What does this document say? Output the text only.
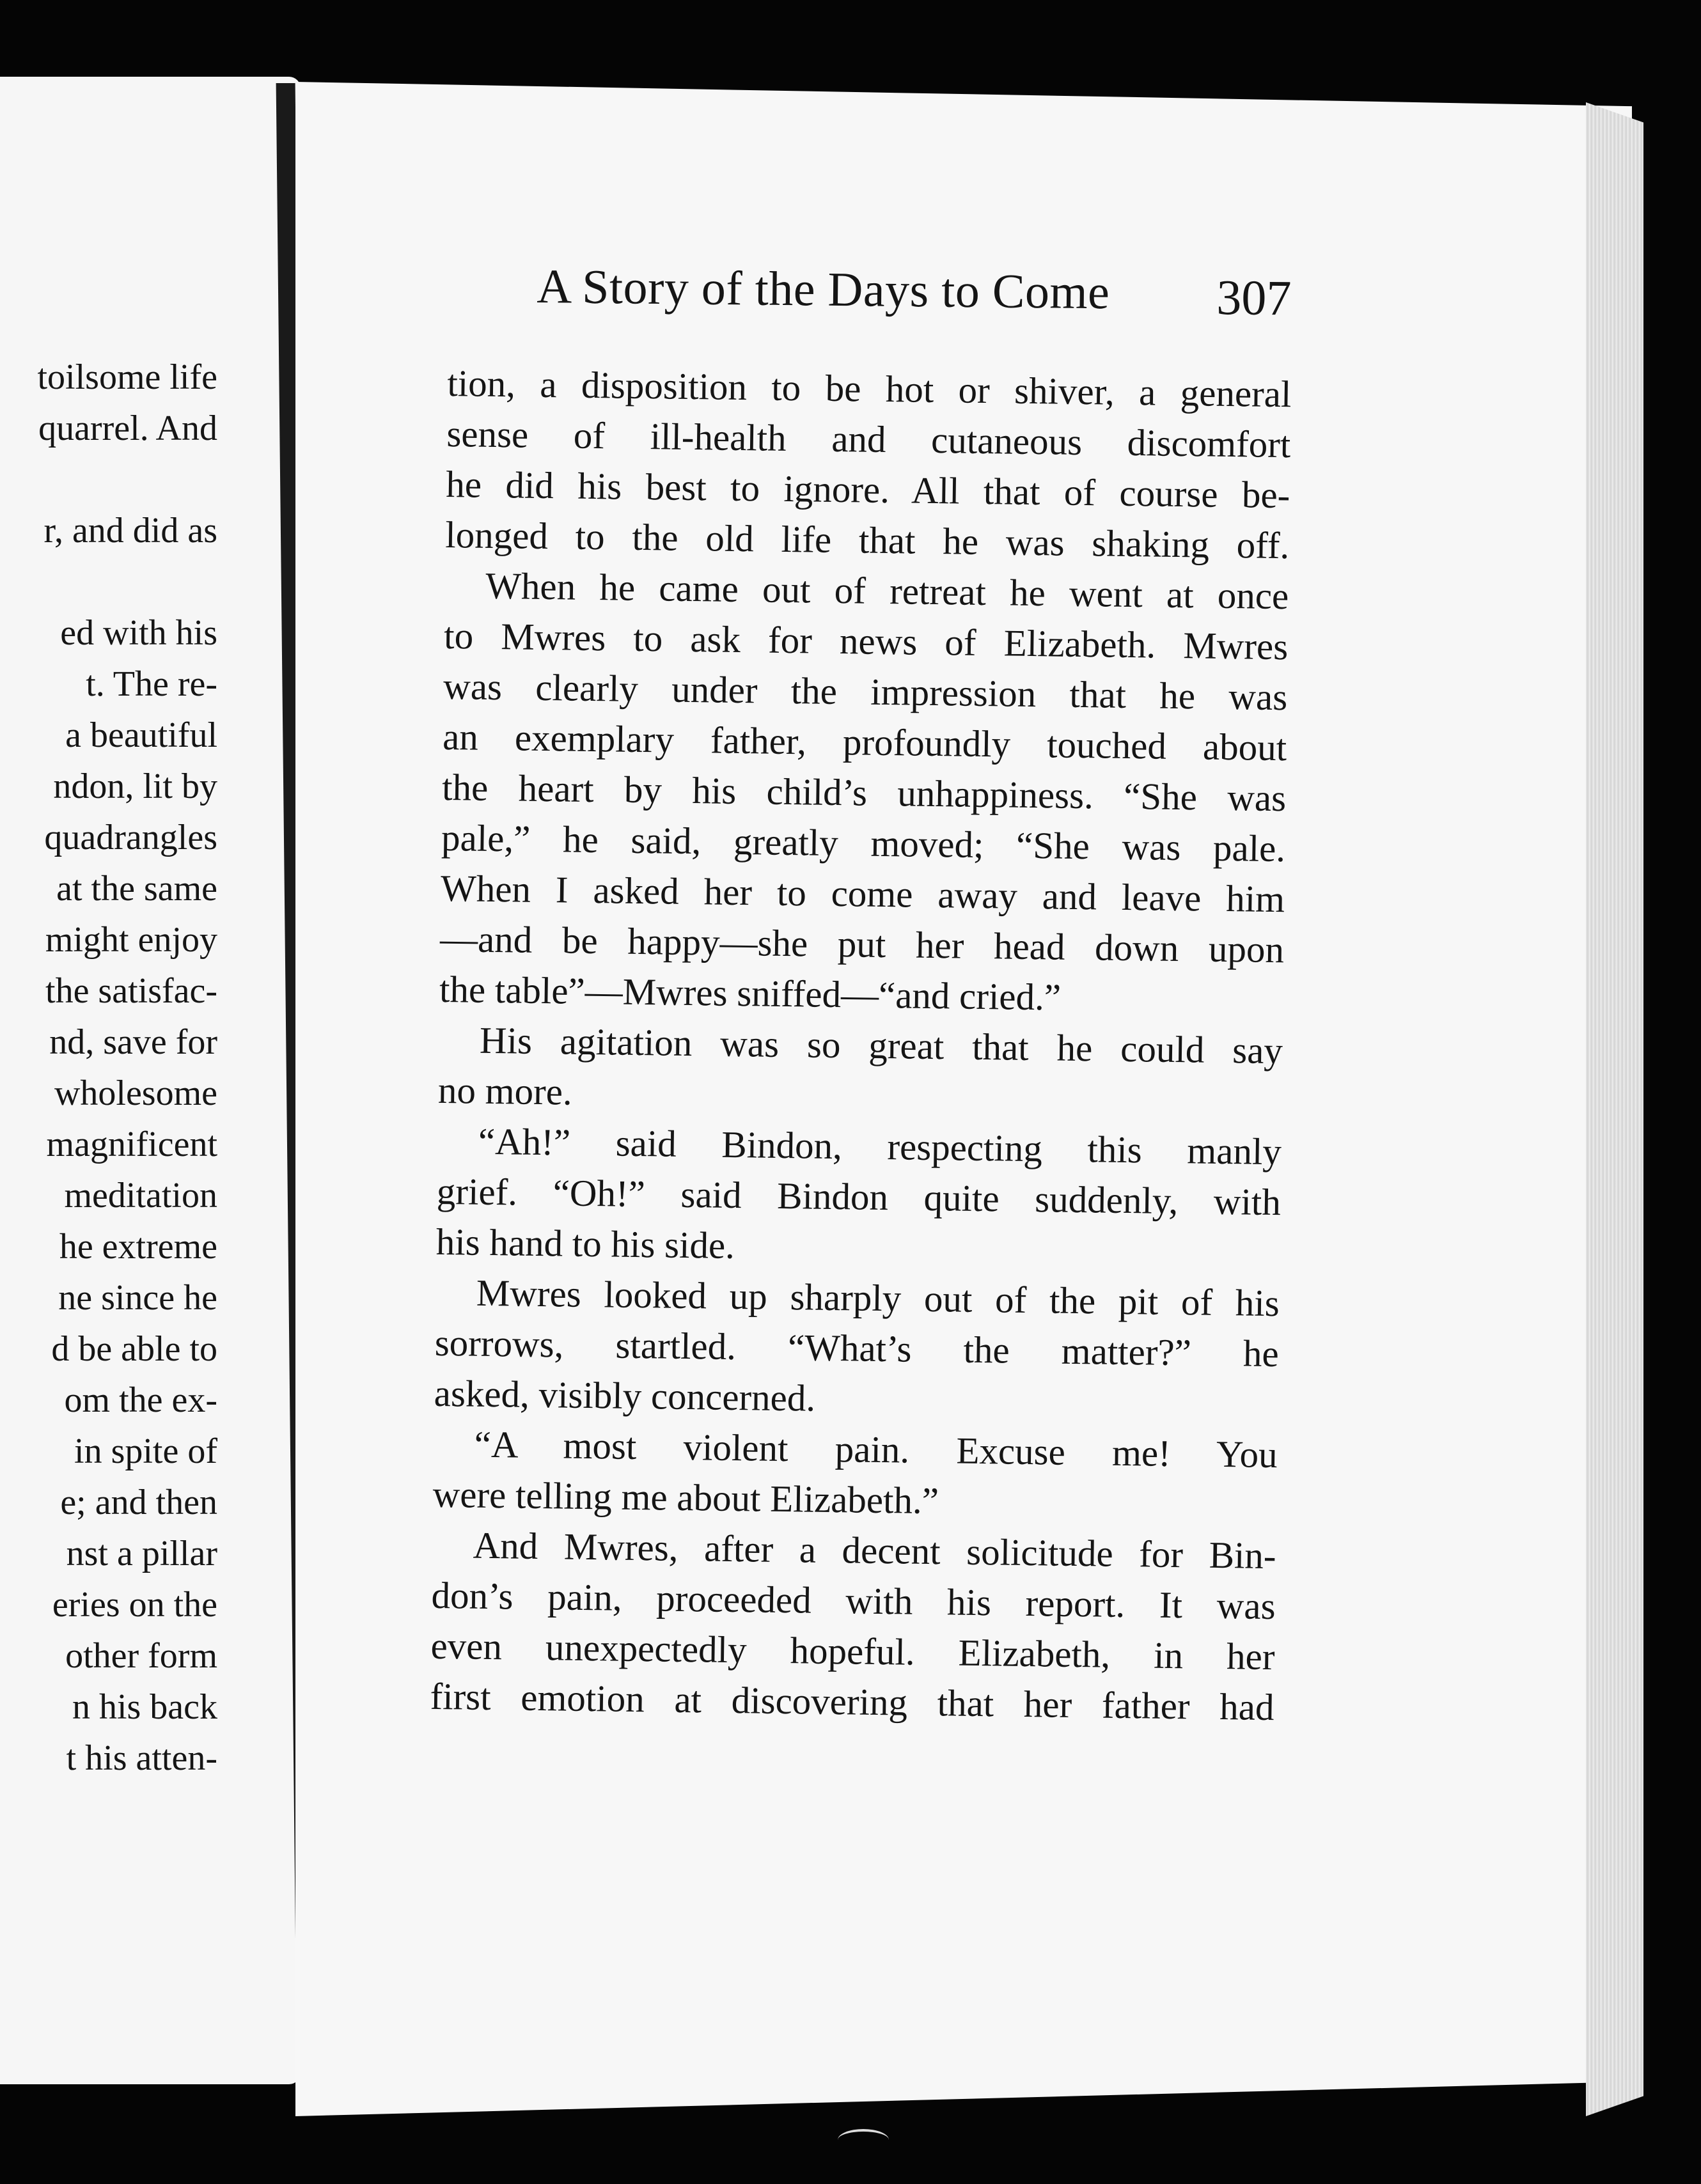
toilsome life
quarrel. And
r, and did as
ed with his
t. The re-
a beautiful
ndon, lit by
quadrangles
at the same
might enjoy
the satisfac-
nd, save for
wholesome
magnificent
meditation
he extreme
ne since he
d be able to
om the ex-
in spite of
e; and then
nst a pillar
eries on the
other form
n his back
t his atten-
A Story of the Days to Come 307
tion, a disposition to be hot or shiver, a general
sense of ill-health and cutaneous discomfort
he did his best to ignore. All that of course be-
longed to the old life that he was shaking off.
When he came out of retreat he went at once
to Mwres to ask for news of Elizabeth. Mwres
was clearly under the impression that he was
an exemplary father, profoundly touched about
the heart by his child’s unhappiness. “She was
pale,” he said, greatly moved; “She was pale.
When I asked her to come away and leave him
—and be happy—she put her head down upon
the table”—Mwres sniffed—“and cried.”
His agitation was so great that he could say
no more.
“Ah!” said Bindon, respecting this manly
grief. “Oh!” said Bindon quite suddenly, with
his hand to his side.
Mwres looked up sharply out of the pit of his
sorrows, startled. “What’s the matter?” he
asked, visibly concerned.
“A most violent pain. Excuse me! You
were telling me about Elizabeth.”
And Mwres, after a decent solicitude for Bin-
don’s pain, proceeded with his report. It was
even unexpectedly hopeful. Elizabeth, in her
first emotion at discovering that her father had
